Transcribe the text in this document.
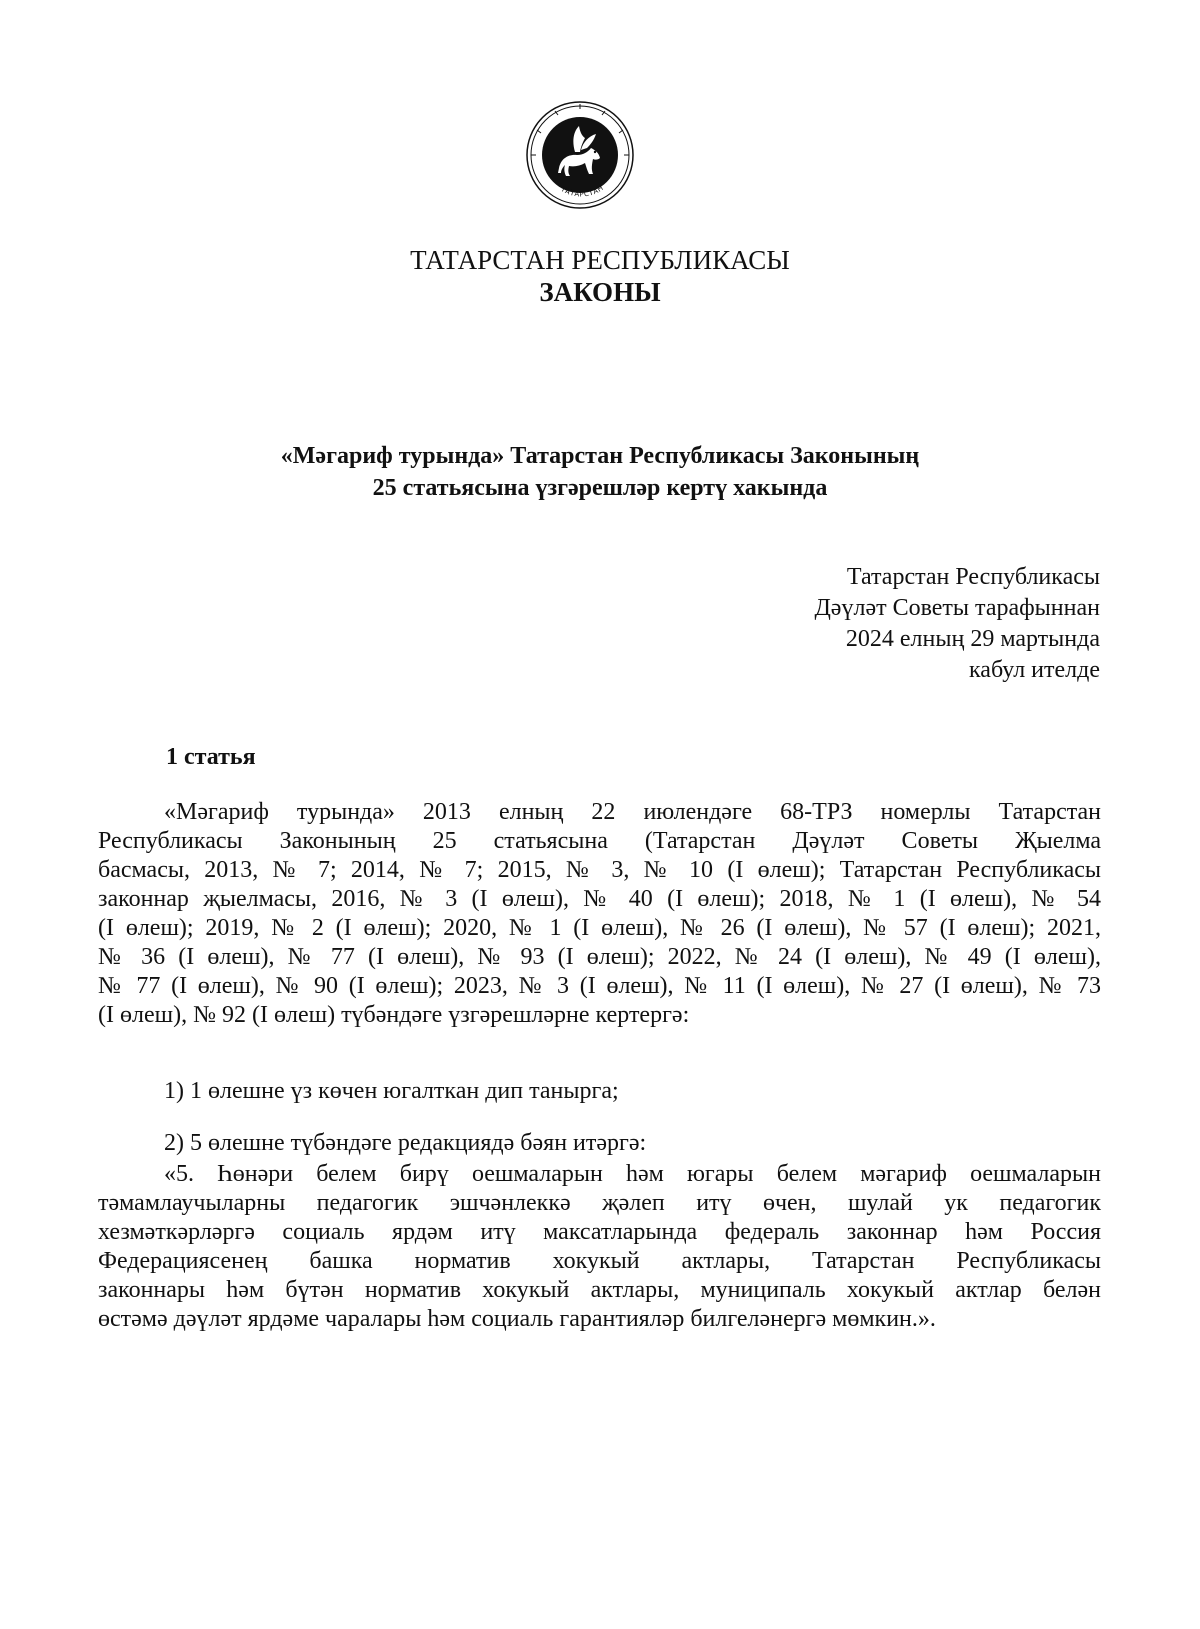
ТАТАРСТАН
ТАТАРСТАН РЕСПУБЛИКАСЫ
ЗАКОНЫ
«Мәгариф турында» Татарстан Республикасы Законының
25 статьясына үзгәрешләр кертү хакында
Татарстан Республикасы
Дәүләт Советы тарафыннан
2024 елның 29 мартында
кабул ителде
1 статья
«Мәгариф турында» 2013 елның 22 июлендәге 68-ТРЗ номерлы Татарстан
Республикасы Законының 25 статьясына (Татарстан Дәүләт Советы Җыелма
басмасы, 2013, № 7; 2014, № 7; 2015, № 3, № 10 (I өлеш); Татарстан Республикасы
законнар җыелмасы, 2016, № 3 (I өлеш), № 40 (I өлеш); 2018, № 1 (I өлеш), № 54
(I өлеш); 2019, № 2 (I өлеш); 2020, № 1 (I өлеш), № 26 (I өлеш), № 57 (I өлеш); 2021,
№ 36 (I өлеш), № 77 (I өлеш), № 93 (I өлеш); 2022, № 24 (I өлеш), № 49 (I өлеш),
№ 77 (I өлеш), № 90 (I өлеш); 2023, № 3 (I өлеш), № 11 (I өлеш), № 27 (I өлеш), № 73
(I өлеш), № 92 (I өлеш) түбәндәге үзгәрешләрне кертергә:
1) 1 өлешне үз көчен югалткан дип танырга;
2) 5 өлешне түбәндәге редакциядә бәян итәргә:
«5. Һөнәри белем бирү оешмаларын һәм югары белем мәгариф оешмаларын
тәмамлаучыларны педагогик эшчәнлеккә җәлеп итү өчен, шулай ук педагогик
хезмәткәрләргә социаль ярдәм итү максатларында федераль законнар һәм Россия
Федерациясенең башка норматив хокукый актлары, Татарстан Республикасы
законнары һәм бүтән норматив хокукый актлары, муниципаль хокукый актлар белән
өстәмә дәүләт ярдәме чаралары һәм социаль гарантияләр билгеләнергә мөмкин.».
